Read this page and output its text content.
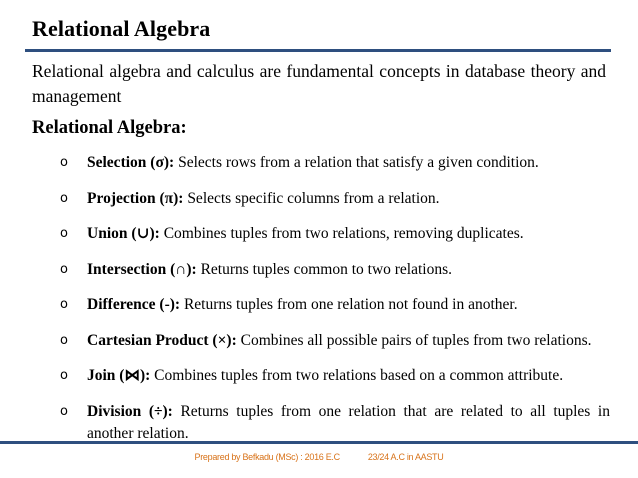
Relational Algebra
Relational algebra and calculus are fundamental concepts in database theory and management
Relational Algebra:
o Selection (σ): Selects rows from a relation that satisfy a given condition.
o Projection (π): Selects specific columns from a relation.
o Union (∪): Combines tuples from two relations, removing duplicates.
o Intersection (∩): Returns tuples common to two relations.
o Difference (-): Returns tuples from one relation not found in another.
o Cartesian Product (×): Combines all possible pairs of tuples from two relations.
o Join (⋈): Combines tuples from two relations based on a common attribute.
o Division (÷): Returns tuples from one relation that are related to all tuples in another relation.
Prepared by Befkadu (MSc) : 2016 E.C	23/24 A.C in AASTU
